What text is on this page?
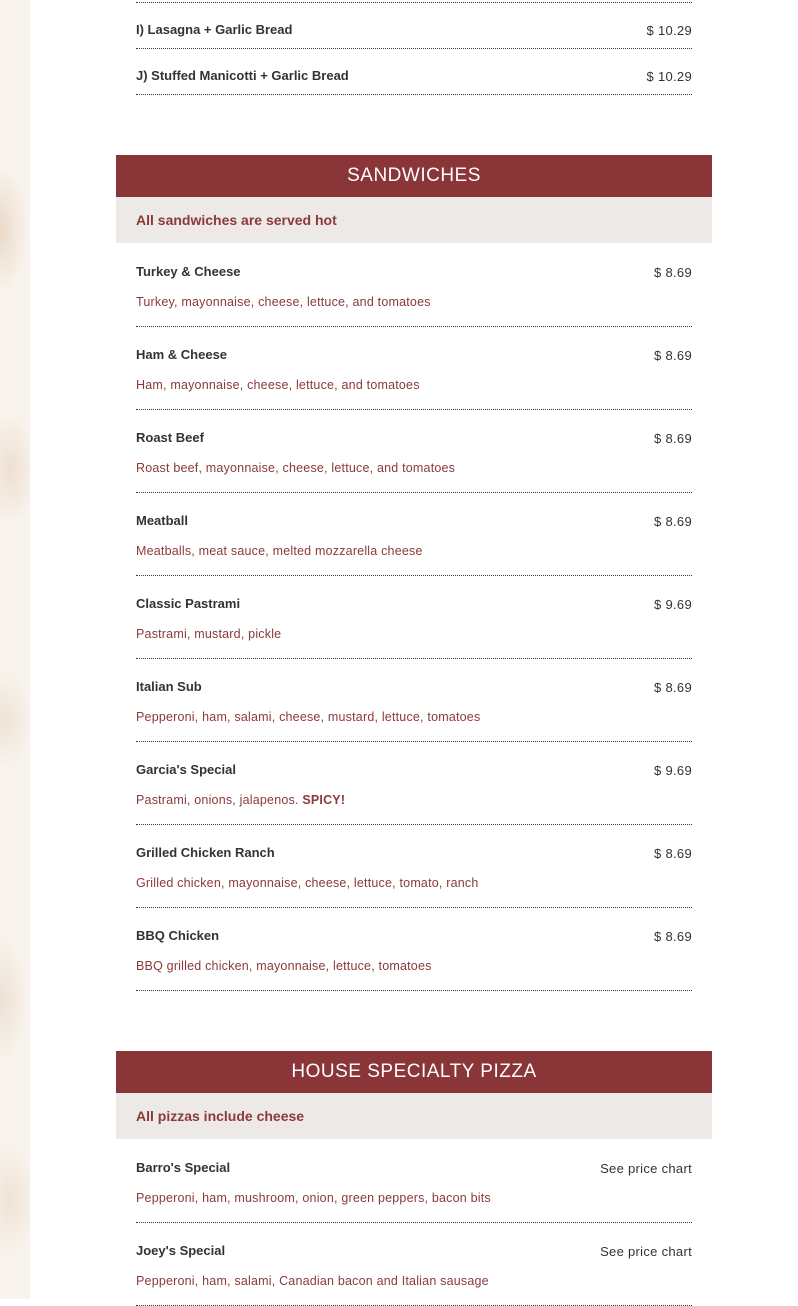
I) Lasagna + Garlic Bread	$ 10.29
J) Stuffed Manicotti + Garlic Bread	$ 10.29
SANDWICHES
All sandwiches are served hot
Turkey & Cheese	$ 8.69
Turkey, mayonnaise, cheese, lettuce, and tomatoes
Ham & Cheese	$ 8.69
Ham, mayonnaise, cheese, lettuce, and tomatoes
Roast Beef	$ 8.69
Roast beef, mayonnaise, cheese, lettuce, and tomatoes
Meatball	$ 8.69
Meatballs, meat sauce, melted mozzarella cheese
Classic Pastrami	$ 9.69
Pastrami, mustard, pickle
Italian Sub	$ 8.69
Pepperoni, ham, salami, cheese, mustard, lettuce, tomatoes
Garcia's Special	$ 9.69
Pastrami, onions, jalapenos. SPICY!
Grilled Chicken Ranch	$ 8.69
Grilled chicken, mayonnaise, cheese, lettuce, tomato, ranch
BBQ Chicken	$ 8.69
BBQ grilled chicken, mayonnaise, lettuce, tomatoes
HOUSE SPECIALTY PIZZA
All pizzas include cheese
Barro's Special	See price chart
Pepperoni, ham, mushroom, onion, green peppers, bacon bits
Joey's Special	See price chart
Pepperoni, ham, salami, Canadian bacon and Italian sausage
